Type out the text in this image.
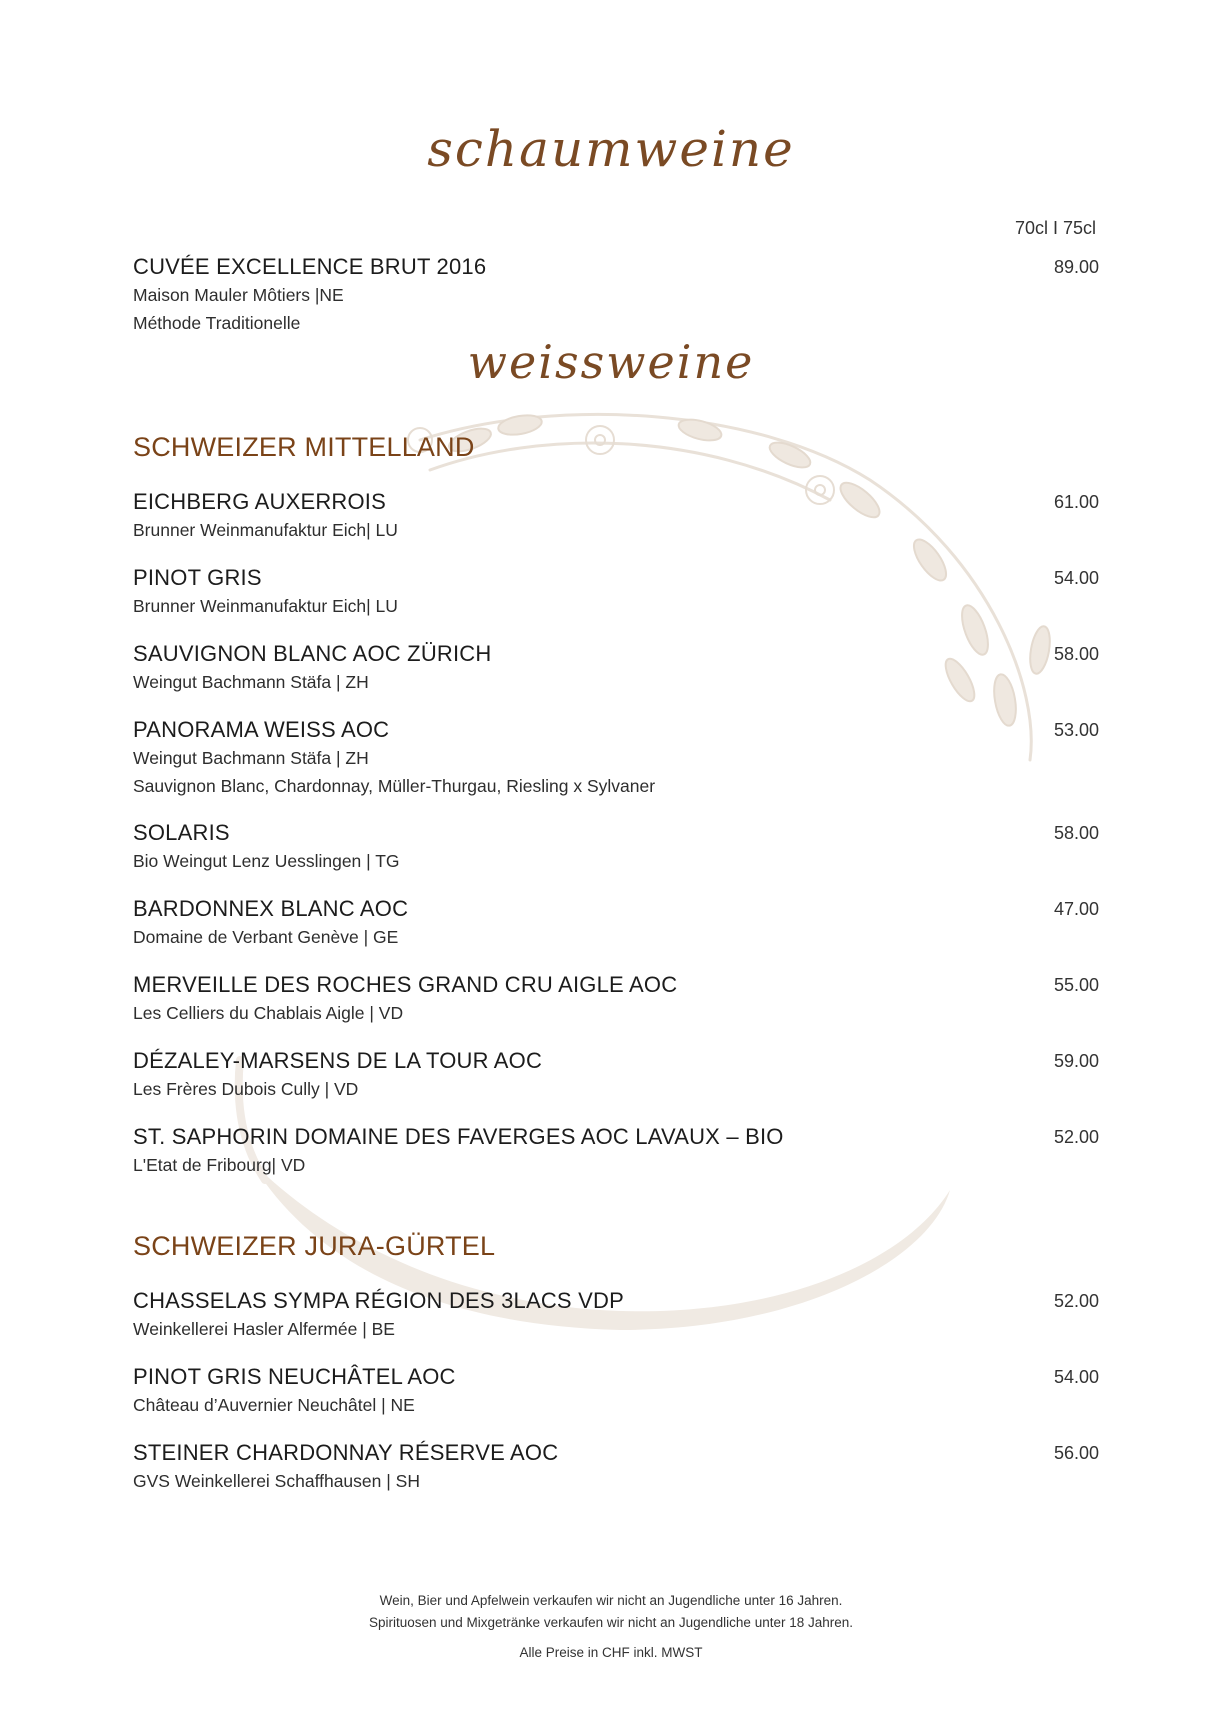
schaumweine
70cl I 75cl
CUVÉE EXCELLENCE BRUT 2016	89.00
Maison Mauler Môtiers |NE
Méthode Traditionelle
weissweine
SCHWEIZER MITTELLAND
EICHBERG AUXERROIS	61.00
Brunner Weinmanufaktur Eich| LU
PINOT GRIS	54.00
Brunner Weinmanufaktur Eich| LU
SAUVIGNON BLANC AOC ZÜRICH	58.00
Weingut Bachmann Stäfa | ZH
PANORAMA WEISS AOC	53.00
Weingut Bachmann Stäfa | ZH
Sauvignon Blanc, Chardonnay, Müller-Thurgau, Riesling x Sylvaner
SOLARIS	58.00
Bio Weingut Lenz Uesslingen | TG
BARDONNEX BLANC AOC	47.00
Domaine de Verbant Genève | GE
MERVEILLE DES ROCHES GRAND CRU AIGLE AOC	55.00
Les Celliers du Chablais Aigle | VD
DÉZALEY-MARSENS DE LA TOUR AOC	59.00
Les Frères Dubois Cully | VD
ST. SAPHORIN DOMAINE DES FAVERGES AOC LAVAUX – BIO	52.00
L'Etat de Fribourg| VD
SCHWEIZER JURA-GÜRTEL
CHASSELAS SYMPA RÉGION DES 3LACS VDP	52.00
Weinkellerei Hasler Alfermée | BE
PINOT GRIS NEUCHÂTEL AOC	54.00
Château d’Auvernier Neuchâtel | NE
STEINER CHARDONNAY RÉSERVE AOC	56.00
GVS Weinkellerei Schaffhausen | SH
Wein, Bier und Apfelwein verkaufen wir nicht an Jugendliche unter 16 Jahren.
Spirituosen und Mixgetränke verkaufen wir nicht an Jugendliche unter 18 Jahren.
Alle Preise in CHF inkl. MWST
